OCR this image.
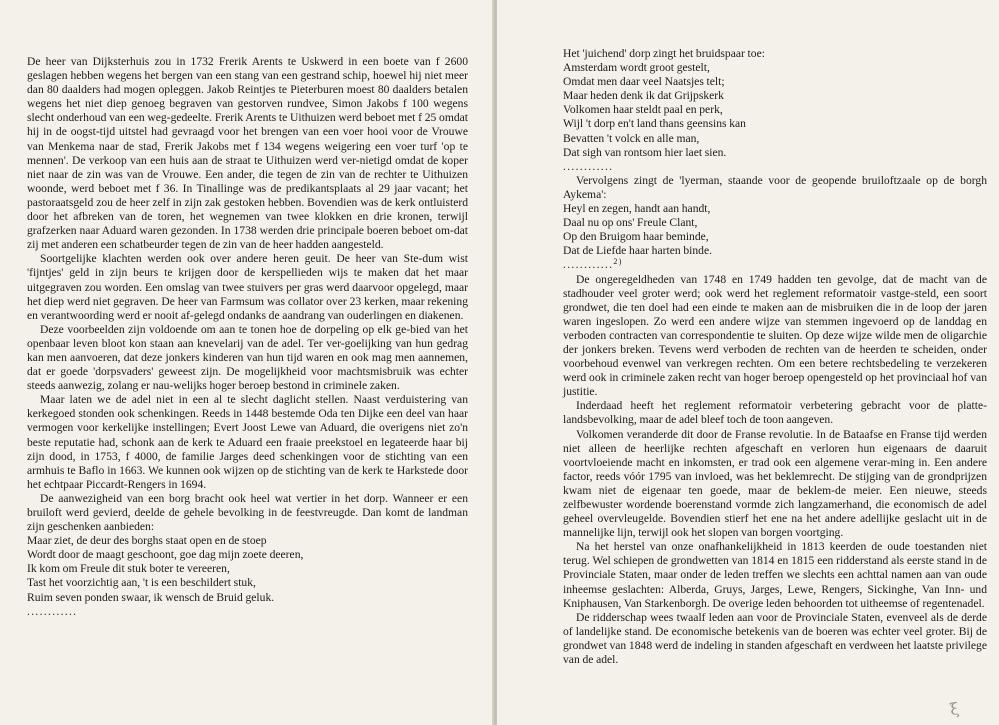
De heer van Dijksterhuis zou in 1732 Frerik Arents te Uskwerd in een boete van f 2600 geslagen hebben wegens het bergen van een stang van een gestrand schip, hoewel hij niet meer dan 80 daalders had mogen opleggen. Jakob Reintjes te Pieterburen moest 80 daalders betalen wegens het niet diep genoeg begraven van gestorven rundvee, Simon Jakobs f 100 wegens slecht onderhoud van een weg-gedeelte. Frerik Arents te Uithuizen werd beboet met f 25 omdat hij in de oogst-tijd uitstel had gevraagd voor het brengen van een voer hooi voor de Vrouwe van Menkema naar de stad, Frerik Jakobs met f 134 wegens weigering een voer turf 'op te mennen'. De verkoop van een huis aan de straat te Uithuizen werd ver-nietigd omdat de koper niet naar de zin was van de Vrouwe. Een ander, die tegen de zin van de rechter te Uithuizen woonde, werd beboet met f 36. In Tinallinge was de predikantsplaats al 29 jaar vacant; het pastoraatsgeld zou de heer zelf in zijn zak gestoken hebben. Bovendien was de kerk ontluisterd door het afbreken van de toren, het wegnemen van twee klokken en drie kronen, terwijl grafzerken naar Aduard waren gezonden. In 1738 werden drie principale boeren beboet om-dat zij met anderen een schatbeurder tegen de zin van de heer hadden aangesteld.

Soortgelijke klachten werden ook over andere heren geuit. De heer van Ste-dum wist 'fijntjes' geld in zijn beurs te krijgen door de kerspellieden wijs te maken dat het maar uitgegraven zou worden. Een omslag van twee stuivers per gras werd daarvoor opgelegd, maar het diep werd niet gegraven. De heer van Farmsum was collator over 23 kerken, maar rekening en verantwoording werd er nooit af-gelegd ondanks de aandrang van ouderlingen en diakenen.

Deze voorbeelden zijn voldoende om aan te tonen hoe de dorpeling op elk ge-bied van het openbaar leven bloot kon staan aan knevelarij van de adel. Ter ver-goelijking van hun gedrag kan men aanvoeren, dat deze jonkers kinderen van hun tijd waren en ook mag men aannemen, dat er goede 'dorpsvaders' geweest zijn. De mogelijkheid voor machtsmisbruik was echter steeds aanwezig, zolang er nau-welijks hoger beroep bestond in criminele zaken.

Maar laten we de adel niet in een al te slecht daglicht stellen. Naast verduistering van kerkegoed stonden ook schenkingen. Reeds in 1448 bestemde Oda ten Dijke een deel van haar vermogen voor kerkelijke instellingen; Evert Joost Lewe van Aduard, die overigens niet zo'n beste reputatie had, schonk aan de kerk te Aduard een fraaie preekstoel en legateerde haar bij zijn dood, in 1753, f 4000, de familie Jarges deed schenkingen voor de stichting van een armhuis te Baflo in 1663. We kunnen ook wijzen op de stichting van de kerk te Harkstede door het echtpaar Piccardt-Rengers in 1694.

De aanwezigheid van een borg bracht ook heel wat vertier in het dorp. Wanneer er een bruiloft werd gevierd, deelde de gehele bevolking in de feestvreugde. Dan komt de landman zijn geschenken aanbieden:

Maar ziet, de deur des borghs staat open en de stoep
Wordt door de maagt geschoont, goe dag mijn zoete deeren,
Ik kom om Freule dit stuk boter te vereeren,
Tast het voorzichtig aan, 't is een beschildert stuk,
Ruim seven ponden swaar, ik wensch de Bruid geluk.

............

Het 'juichend' dorp zingt het bruidspaar toe:

Amsterdam wordt groot gestelt,
Omdat men daar veel Naatsjes telt;
Maar heden denk ik dat Grijpskerk
Volkomen haar steldt paal en perk,
Wijl 't dorp en't land thans geensins kan
Bevatten 't volck en alle man,
Dat sigh van rontsom hier laet sien.

............

Vervolgens zingt de 'lyerman, staande voor de geopende bruiloftzaale op de borgh Aykema':

Heyl en zegen, handt aan handt,
Daal nu op ons' Freule Clant,
Op den Bruigom haar beminde,
Dat de Liefde haar harten binde.

............$^{2)}$

De ongeregeldheden van 1748 en 1749 hadden ten gevolge, dat de macht van de stadhouder veel groter werd; ook werd het reglement reformatoir vastge-steld, een soort grondwet, die ten doel had een einde te maken aan de misbruiken die in de loop der jaren waren ingeslopen. Zo werd een andere wijze van stemmen ingevoerd op de landdag en verboden contracten van correspondentie te sluiten. Op deze wijze wilde men de oligarchie der jonkers breken. Tevens werd verboden de rechten van de heerden te scheiden, onder voorbehoud evenwel van verkregen rechten. Om een betere rechtsbedeling te verzekeren werd ook in criminele zaken recht van hoger beroep opengesteld op het provinciaal hof van justitie.

Inderdaad heeft het reglement reformatoir verbetering gebracht voor de platte-landsbevolking, maar de adel bleef toch de toon aangeven.

Volkomen veranderde dit door de Franse revolutie. In de Bataafse en Franse tijd werden niet alleen de heerlijke rechten afgeschaft en verloren hun eigenaars de daaruit voortvloeiende macht en inkomsten, er trad ook een algemene verar-ming in. Een andere factor, reeds vóór 1795 van invloed, was het beklemrecht. De stijging van de grondprijzen kwam niet de eigenaar ten goede, maar de beklem-de meier. Een nieuwe, steeds zelfbewuster wordende boerenstand vormde zich langzamerhand, die economisch de adel geheel overvleugelde. Bovendien stierf het ene na het andere adellijke geslacht uit in de mannelijke lijn, terwijl ook het slopen van borgen voortging.

Na het herstel van onze onafhankelijkheid in 1813 keerden de oude toestanden niet terug. Wel schiepen de grondwetten van 1814 en 1815 een ridderstand als eerste stand in de Provinciale Staten, maar onder de leden treffen we slechts een achttal namen aan van oude inheemse geslachten: Alberda, Gruys, Jarges, Lewe, Rengers, Sickinghe, Van Inn- und Kniphausen, Van Starkenborgh. De overige leden behoorden tot uitheemse of regentenadel.

De ridderschap wees twaalf leden aan voor de Provinciale Staten, evenveel als de derde of landelijke stand. De economische betekenis van de boeren was echter veel groter. Bij de grondwet van 1848 werd de indeling in standen afgeschaft en verdween het laatste privilege van de adel.

ξ
